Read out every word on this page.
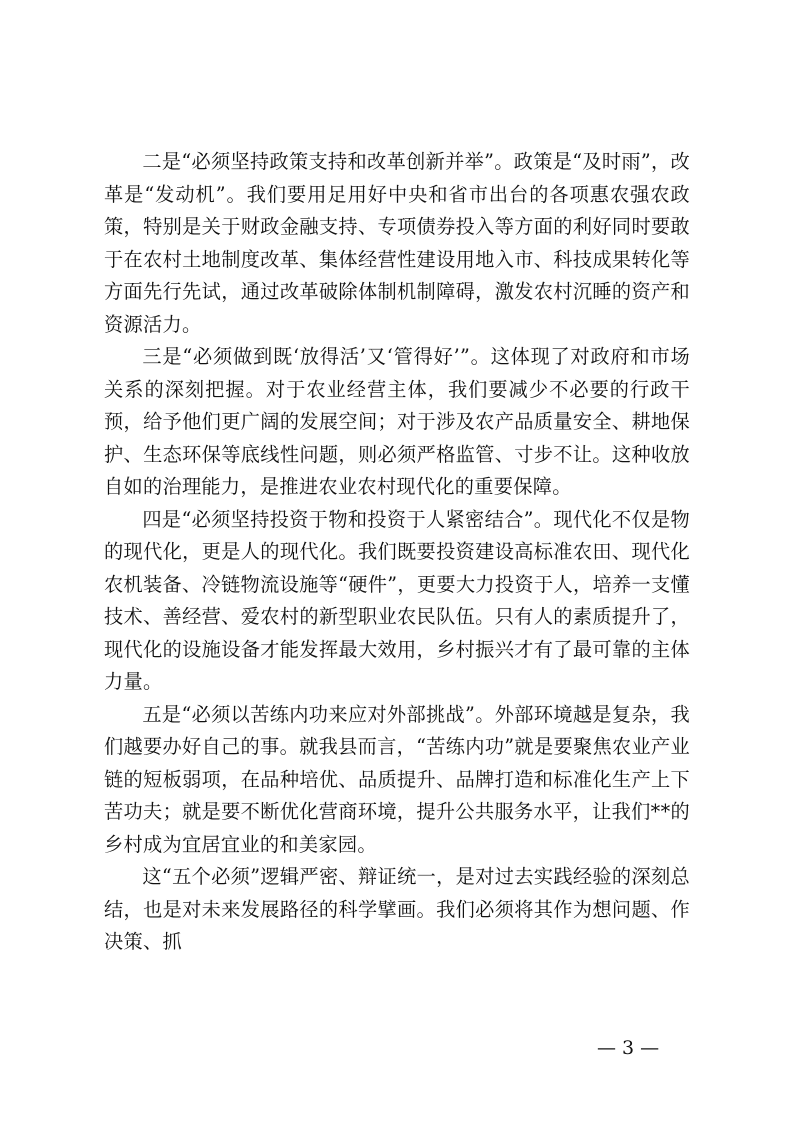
二是“必须坚持政策支持和改革创新并举”。政策是“及时雨”，改革是“发动机”。我们要用足用好中央和省市出台的各项惠农强农政策，特别是关于财政金融支持、专项债券投入等方面的利好同时要敢于在农村土地制度改革、集体经营性建设用地入市、科技成果转化等方面先行先试，通过改革破除体制机制障碍，激发农村沉睡的资产和资源活力。

三是“必须做到既‘放得活’又‘管得好’”。这体现了对政府和市场关系的深刻把握。对于农业经营主体，我们要减少不必要的行政干预，给予他们更广阔的发展空间；对于涉及农产品质量安全、耕地保护、生态环保等底线性问题，则必须严格监管、寸步不让。这种收放自如的治理能力，是推进农业农村现代化的重要保障。

四是“必须坚持投资于物和投资于人紧密结合”。现代化不仅是物的现代化，更是人的现代化。我们既要投资建设高标准农田、现代化农机装备、冷链物流设施等“硬件”，更要大力投资于人，培养一支懂技术、善经营、爱农村的新型职业农民队伍。只有人的素质提升了，现代化的设施设备才能发挥最大效用，乡村振兴才有了最可靠的主体力量。

五是“必须以苦练内功来应对外部挑战”。外部环境越是复杂，我们越要办好自己的事。就我县而言，“苦练内功”就是要聚焦农业产业链的短板弱项，在品种培优、品质提升、品牌打造和标准化生产上下苦功夫；就是要不断优化营商环境，提升公共服务水平，让我们**的乡村成为宜居宜业的和美家园。

这“五个必须”逻辑严密、辩证统一，是对过去实践经验的深刻总结，也是对未来发展路径的科学擘画。我们必须将其作为想问题、作决策、抓

— 3 —
